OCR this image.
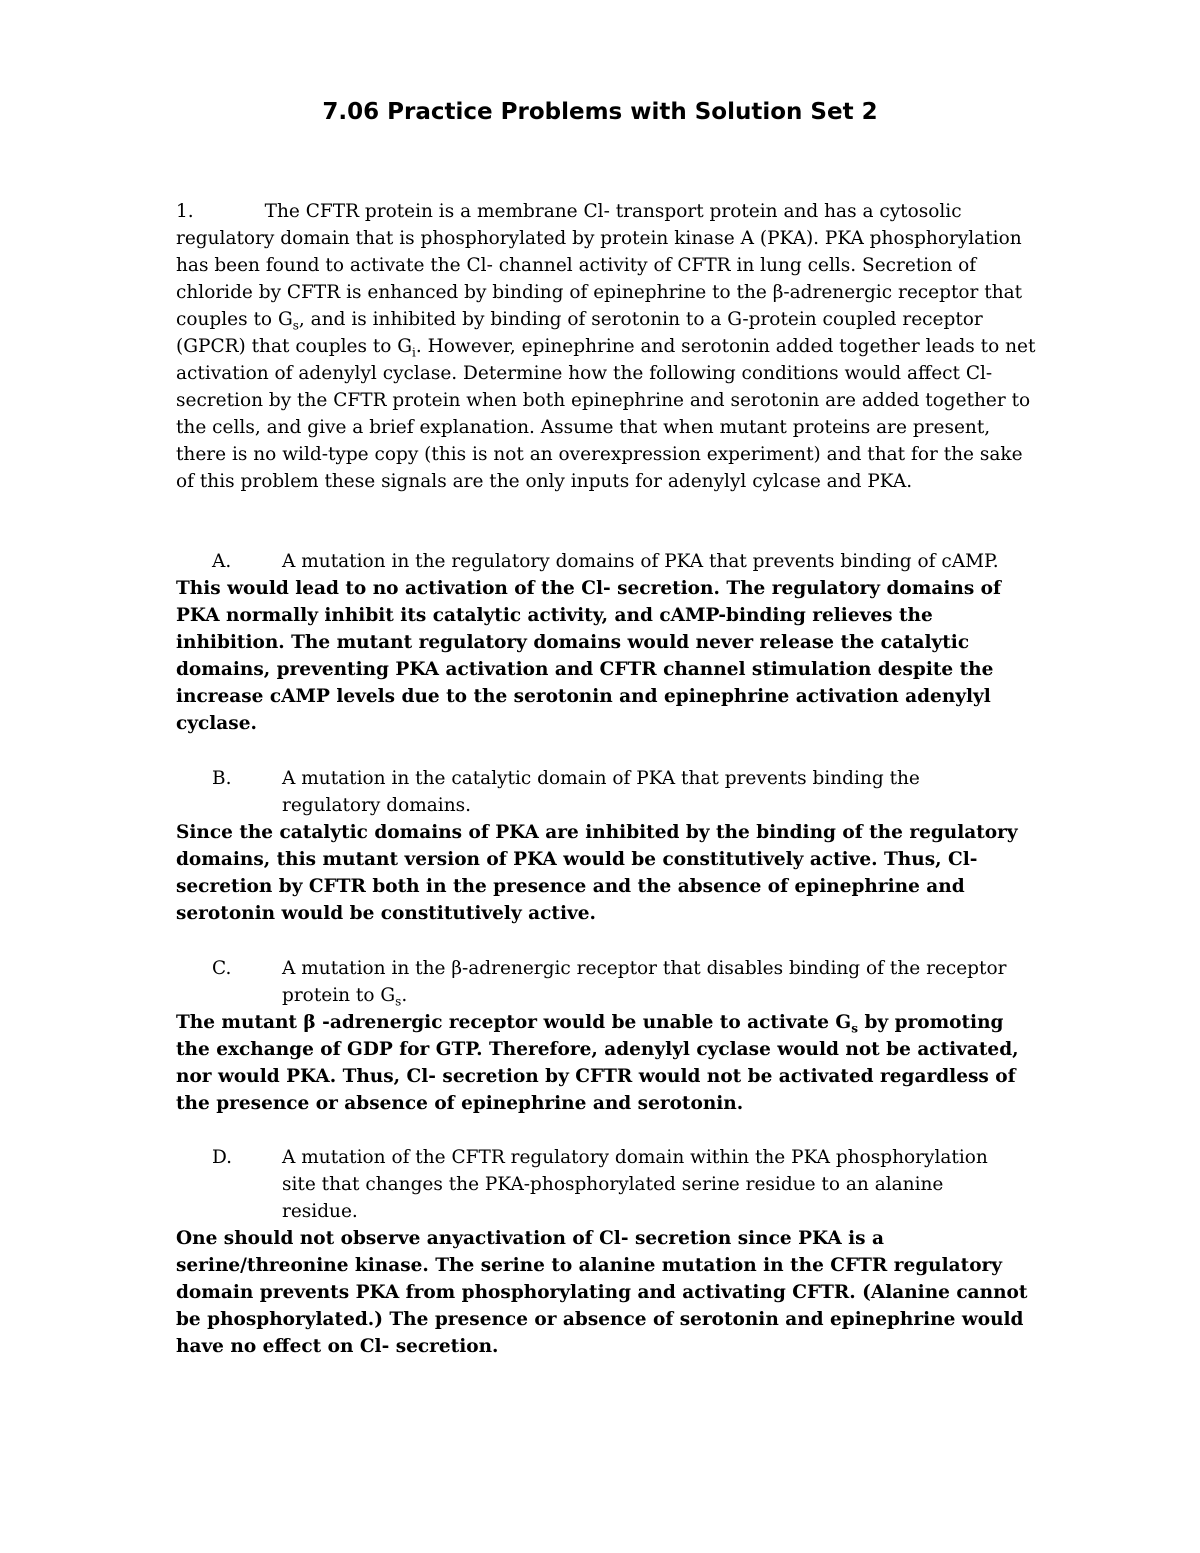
7.06 Practice Problems with Solution Set 2

1.	The CFTR protein is a membrane Cl- transport protein and has a cytosolic regulatory domain that is phosphorylated by protein kinase A (PKA). PKA phosphorylation has been found to activate the Cl- channel activity of CFTR in lung cells. Secretion of chloride by CFTR is enhanced by binding of epinephrine to the β-adrenergic receptor that couples to $G_s$, and is inhibited by binding of serotonin to a G-protein coupled receptor (GPCR) that couples to $G_i$. However, epinephrine and serotonin added together leads to net activation of adenylyl cyclase. Determine how the following conditions would affect Cl- secretion by the CFTR protein when both epinephrine and serotonin are added together to the cells, and give a brief explanation. Assume that when mutant proteins are present, there is no wild-type copy (this is not an overexpression experiment) and that for the sake of this problem these signals are the only inputs for adenylyl cylcase and PKA.

A.	A mutation in the regulatory domains of PKA that prevents binding of cAMP.

This would lead to no activation of the Cl- secretion. The regulatory domains of PKA normally inhibit its catalytic activity, and cAMP-binding relieves the inhibition. The mutant regulatory domains would never release the catalytic domains, preventing PKA activation and CFTR channel stimulation despite the increase cAMP levels due to the serotonin and epinephrine activation adenylyl cyclase.

B.	A mutation in the catalytic domain of PKA that prevents binding the regulatory domains.

Since the catalytic domains of PKA are inhibited by the binding of the regulatory domains, this mutant version of PKA would be constitutively active. Thus, Cl- secretion by CFTR both in the presence and the absence of epinephrine and serotonin would be constitutively active.

C.	A mutation in the β-adrenergic receptor that disables binding of the receptor protein to $G_s$.

The mutant β -adrenergic receptor would be unable to activate $G_s$ by promoting the exchange of GDP for GTP. Therefore, adenylyl cyclase would not be activated, nor would PKA. Thus, Cl- secretion by CFTR would not be activated regardless of the presence or absence of epinephrine and serotonin.

D.	A mutation of the CFTR regulatory domain within the PKA phosphorylation site that changes the PKA-phosphorylated serine residue to an alanine residue.

One should not observe anyactivation of Cl- secretion since PKA is a serine/threonine kinase. The serine to alanine mutation in the CFTR regulatory domain prevents PKA from phosphorylating and activating CFTR. (Alanine cannot be phosphorylated.) The presence or absence of serotonin and epinephrine would have no effect on Cl- secretion.
